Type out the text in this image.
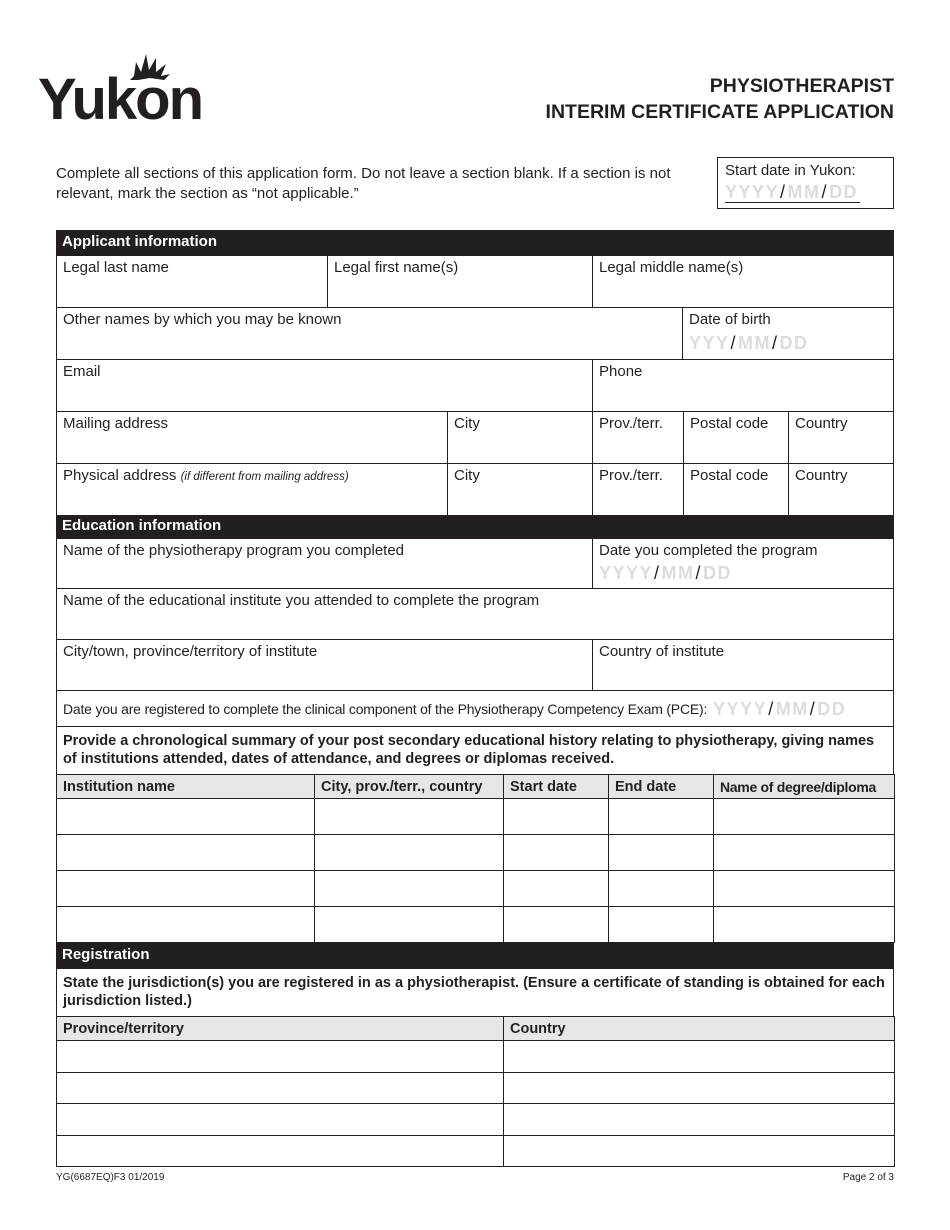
Yukon	PHYSIOTHERAPIST
INTERIM CERTIFICATE APPLICATION
Complete all sections of this application form. Do not leave a section blank. If a section is not relevant, mark the section as “not applicable.”
Start date in Yukon:
YYYY/MM/DD
Applicant information
Legal last name	Legal first name(s)	Legal middle name(s)
Other names by which you may be known	Date of birth
YYY/MM/DD
Email	Phone
Mailing address	City	Prov./terr.	Postal code	Country
Physical address (if different from mailing address)	City	Prov./terr.	Postal code	Country
Education information
Name of the physiotherapy program you completed	Date you completed the program
YYYY/MM/DD
Name of the educational institute you attended to complete the program
City/town, province/territory of institute	Country of institute
Date you are registered to complete the clinical component of the Physiotherapy Competency Exam (PCE): YYYY/MM/DD
Provide a chronological summary of your post secondary educational history relating to physiotherapy, giving names of institutions attended, dates of attendance, and degrees or diplomas received.
Institution name	City, prov./terr., country	Start date	End date	Name of degree/diploma

Registration
State the jurisdiction(s) you are registered in as a physiotherapist. (Ensure a certificate of standing is obtained for each jurisdiction listed.)
Province/territory	Country

YG(6687EQ)F3 01/2019	Page 2 of 3
